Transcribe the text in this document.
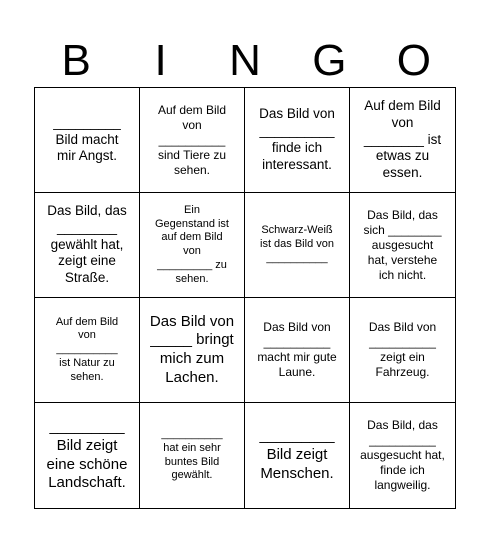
B	I	N	G	O
_________
Bild macht
mir Angst.
Auf dem Bild
von
__________
sind Tiere zu
sehen.
Das Bild von
__________
finde ich
interessant.
Auf dem Bild
von
________ ist
etwas zu
essen.
Das Bild, das
________
gewählt hat,
zeigt eine
Straße.
Ein
Gegenstand ist
auf dem Bild
von
_________ zu
sehen.
Schwarz-Weiß
ist das Bild von
__________
Das Bild, das
sich ________
ausgesucht
hat, verstehe
ich nicht.
Auf dem Bild
von
__________
ist Natur zu
sehen.
Das Bild von
_____ bringt
mich zum
Lachen.
Das Bild von
__________
macht mir gute
Laune.
Das Bild von
__________
zeigt ein
Fahrzeug.
_________
Bild zeigt
eine schöne
Landschaft.
__________
hat ein sehr
buntes Bild
gewählt.
_________
Bild zeigt
Menschen.
Das Bild, das
__________
ausgesucht hat,
finde ich
langweilig.
